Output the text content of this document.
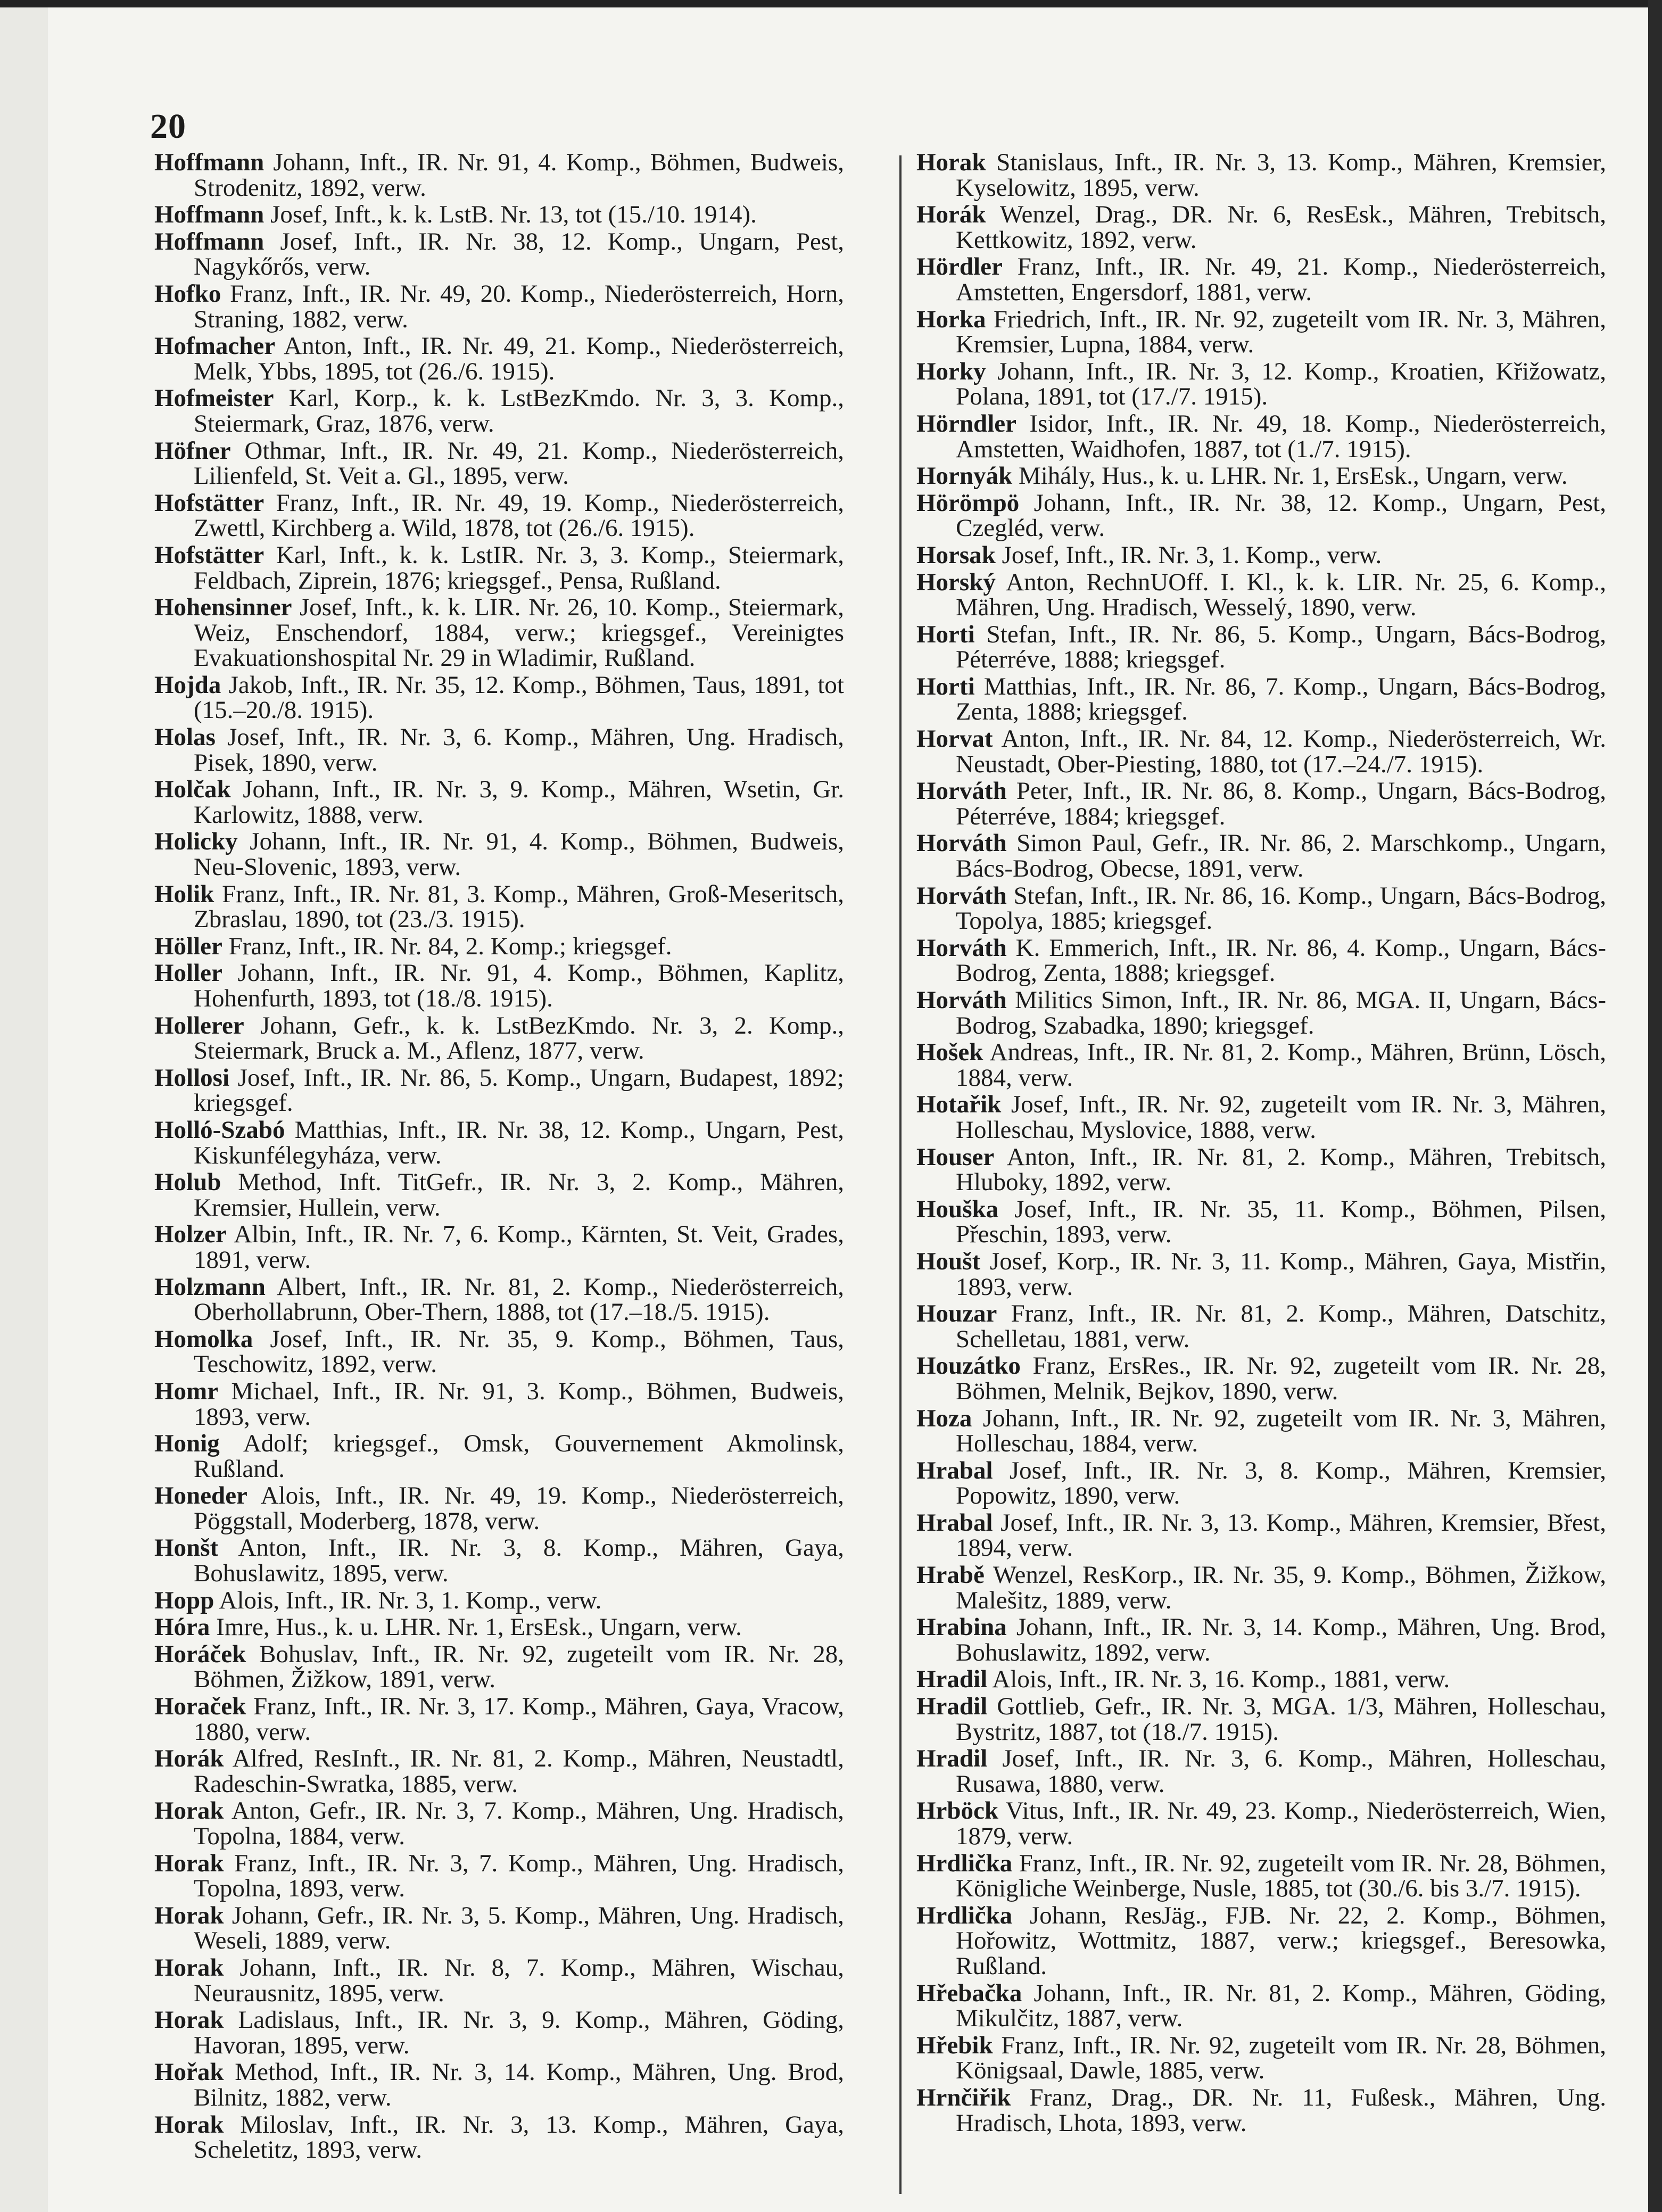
20

Hoffmann Johann, Inft., IR. Nr. 91, 4. Komp., Böhmen, Budweis, Strodenitz, 1892, verw.

Hoffmann Josef, Inft., k. k. LstB. Nr. 13, tot (15./10. 1914).

Hoffmann Josef, Inft., IR. Nr. 38, 12. Komp., Ungarn, Pest, Nagykőrős, verw.

Hofko Franz, Inft., IR. Nr. 49, 20. Komp., Niederösterreich, Horn, Straning, 1882, verw.

Hofmacher Anton, Inft., IR. Nr. 49, 21. Komp., Niederösterreich, Melk, Ybbs, 1895, tot (26./6. 1915).

Hofmeister Karl, Korp., k. k. LstBezKmdo. Nr. 3, 3. Komp., Steiermark, Graz, 1876, verw.

Höfner Othmar, Inft., IR. Nr. 49, 21. Komp., Niederösterreich, Lilienfeld, St. Veit a. Gl., 1895, verw.

Hofstätter Franz, Inft., IR. Nr. 49, 19. Komp., Niederösterreich, Zwettl, Kirchberg a. Wild, 1878, tot (26./6. 1915).

Hofstätter Karl, Inft., k. k. LstIR. Nr. 3, 3. Komp., Steiermark, Feldbach, Ziprein, 1876; kriegsgef., Pensa, Rußland.

Hohensinner Josef, Inft., k. k. LIR. Nr. 26, 10. Komp., Steiermark, Weiz, Enschendorf, 1884, verw.; kriegsgef., Vereinigtes Evakuationshospital Nr. 29 in Wladimir, Rußland.

Hojda Jakob, Inft., IR. Nr. 35, 12. Komp., Böhmen, Taus, 1891, tot (15.–20./8. 1915).

Holas Josef, Inft., IR. Nr. 3, 6. Komp., Mähren, Ung. Hradisch, Pisek, 1890, verw.

Holčak Johann, Inft., IR. Nr. 3, 9. Komp., Mähren, Wsetin, Gr. Karlowitz, 1888, verw.

Holicky Johann, Inft., IR. Nr. 91, 4. Komp., Böhmen, Budweis, Neu-Slovenic, 1893, verw.

Holik Franz, Inft., IR. Nr. 81, 3. Komp., Mähren, Groß-Meseritsch, Zbraslau, 1890, tot (23./3. 1915).

Höller Franz, Inft., IR. Nr. 84, 2. Komp.; kriegsgef.

Holler Johann, Inft., IR. Nr. 91, 4. Komp., Böhmen, Kaplitz, Hohenfurth, 1893, tot (18./8. 1915).

Hollerer Johann, Gefr., k. k. LstBezKmdo. Nr. 3, 2. Komp., Steiermark, Bruck a. M., Aflenz, 1877, verw.

Hollosi Josef, Inft., IR. Nr. 86, 5. Komp., Ungarn, Budapest, 1892; kriegsgef.

Holló-Szabó Matthias, Inft., IR. Nr. 38, 12. Komp., Ungarn, Pest, Kiskunfélegyháza, verw.

Holub Method, Inft. TitGefr., IR. Nr. 3, 2. Komp., Mähren, Kremsier, Hullein, verw.

Holzer Albin, Inft., IR. Nr. 7, 6. Komp., Kärnten, St. Veit, Grades, 1891, verw.

Holzmann Albert, Inft., IR. Nr. 81, 2. Komp., Niederösterreich, Oberhollabrunn, Ober-Thern, 1888, tot (17.–18./5. 1915).

Homolka Josef, Inft., IR. Nr. 35, 9. Komp., Böhmen, Taus, Teschowitz, 1892, verw.

Homr Michael, Inft., IR. Nr. 91, 3. Komp., Böhmen, Budweis, 1893, verw.

Honig Adolf; kriegsgef., Omsk, Gouvernement Akmolinsk, Rußland.

Honeder Alois, Inft., IR. Nr. 49, 19. Komp., Niederösterreich, Pöggstall, Moderberg, 1878, verw.

Honšt Anton, Inft., IR. Nr. 3, 8. Komp., Mähren, Gaya, Bohuslawitz, 1895, verw.

Hopp Alois, Inft., IR. Nr. 3, 1. Komp., verw.

Hóra Imre, Hus., k. u. LHR. Nr. 1, ErsEsk., Ungarn, verw.

Horáček Bohuslav, Inft., IR. Nr. 92, zugeteilt vom IR. Nr. 28, Böhmen, Žižkow, 1891, verw.

Horaček Franz, Inft., IR. Nr. 3, 17. Komp., Mähren, Gaya, Vracow, 1880, verw.

Horák Alfred, ResInft., IR. Nr. 81, 2. Komp., Mähren, Neustadtl, Radeschin-Swratka, 1885, verw.

Horak Anton, Gefr., IR. Nr. 3, 7. Komp., Mähren, Ung. Hradisch, Topolna, 1884, verw.

Horak Franz, Inft., IR. Nr. 3, 7. Komp., Mähren, Ung. Hradisch, Topolna, 1893, verw.

Horak Johann, Gefr., IR. Nr. 3, 5. Komp., Mähren, Ung. Hradisch, Weseli, 1889, verw.

Horak Johann, Inft., IR. Nr. 8, 7. Komp., Mähren, Wischau, Neurausnitz, 1895, verw.

Horak Ladislaus, Inft., IR. Nr. 3, 9. Komp., Mähren, Göding, Havoran, 1895, verw.

Hořak Method, Inft., IR. Nr. 3, 14. Komp., Mähren, Ung. Brod, Bilnitz, 1882, verw.

Horak Miloslav, Inft., IR. Nr. 3, 13. Komp., Mähren, Gaya, Scheletitz, 1893, verw.

Horak Stanislaus, Inft., IR. Nr. 3, 13. Komp., Mähren, Kremsier, Kyselowitz, 1895, verw.

Horák Wenzel, Drag., DR. Nr. 6, ResEsk., Mähren, Trebitsch, Kettkowitz, 1892, verw.

Hördler Franz, Inft., IR. Nr. 49, 21. Komp., Niederösterreich, Amstetten, Engersdorf, 1881, verw.

Horka Friedrich, Inft., IR. Nr. 92, zugeteilt vom IR. Nr. 3, Mähren, Kremsier, Lupna, 1884, verw.

Horky Johann, Inft., IR. Nr. 3, 12. Komp., Kroatien, Křižowatz, Polana, 1891, tot (17./7. 1915).

Hörndler Isidor, Inft., IR. Nr. 49, 18. Komp., Niederösterreich, Amstetten, Waidhofen, 1887, tot (1./7. 1915).

Hornyák Mihály, Hus., k. u. LHR. Nr. 1, ErsEsk., Ungarn, verw.

Hörömpö Johann, Inft., IR. Nr. 38, 12. Komp., Ungarn, Pest, Czegléd, verw.

Horsak Josef, Inft., IR. Nr. 3, 1. Komp., verw.

Horský Anton, RechnUOff. I. Kl., k. k. LIR. Nr. 25, 6. Komp., Mähren, Ung. Hradisch, Wesselý, 1890, verw.

Horti Stefan, Inft., IR. Nr. 86, 5. Komp., Ungarn, Bács-Bodrog, Péterréve, 1888; kriegsgef.

Horti Matthias, Inft., IR. Nr. 86, 7. Komp., Ungarn, Bács-Bodrog, Zenta, 1888; kriegsgef.

Horvat Anton, Inft., IR. Nr. 84, 12. Komp., Niederösterreich, Wr. Neustadt, Ober-Piesting, 1880, tot (17.–24./7. 1915).

Horváth Peter, Inft., IR. Nr. 86, 8. Komp., Ungarn, Bács-Bodrog, Péterréve, 1884; kriegsgef.

Horváth Simon Paul, Gefr., IR. Nr. 86, 2. Marschkomp., Ungarn, Bács-Bodrog, Obecse, 1891, verw.

Horváth Stefan, Inft., IR. Nr. 86, 16. Komp., Ungarn, Bács-Bodrog, Topolya, 1885; kriegsgef.

Horváth K. Emmerich, Inft., IR. Nr. 86, 4. Komp., Ungarn, Bács-Bodrog, Zenta, 1888; kriegsgef.

Horváth Militics Simon, Inft., IR. Nr. 86, MGA. II, Ungarn, Bács-Bodrog, Szabadka, 1890; kriegsgef.

Hošek Andreas, Inft., IR. Nr. 81, 2. Komp., Mähren, Brünn, Lösch, 1884, verw.

Hotařik Josef, Inft., IR. Nr. 92, zugeteilt vom IR. Nr. 3, Mähren, Holleschau, Myslovice, 1888, verw.

Houser Anton, Inft., IR. Nr. 81, 2. Komp., Mähren, Trebitsch, Hluboky, 1892, verw.

Houška Josef, Inft., IR. Nr. 35, 11. Komp., Böhmen, Pilsen, Přeschin, 1893, verw.

Houšt Josef, Korp., IR. Nr. 3, 11. Komp., Mähren, Gaya, Mistřin, 1893, verw.

Houzar Franz, Inft., IR. Nr. 81, 2. Komp., Mähren, Datschitz, Schelletau, 1881, verw.

Houzátko Franz, ErsRes., IR. Nr. 92, zugeteilt vom IR. Nr. 28, Böhmen, Melnik, Bejkov, 1890, verw.

Hoza Johann, Inft., IR. Nr. 92, zugeteilt vom IR. Nr. 3, Mähren, Holleschau, 1884, verw.

Hrabal Josef, Inft., IR. Nr. 3, 8. Komp., Mähren, Kremsier, Popowitz, 1890, verw.

Hrabal Josef, Inft., IR. Nr. 3, 13. Komp., Mähren, Kremsier, Břest, 1894, verw.

Hrabě Wenzel, ResKorp., IR. Nr. 35, 9. Komp., Böhmen, Žižkow, Malešitz, 1889, verw.

Hrabina Johann, Inft., IR. Nr. 3, 14. Komp., Mähren, Ung. Brod, Bohuslawitz, 1892, verw.

Hradil Alois, Inft., IR. Nr. 3, 16. Komp., 1881, verw.

Hradil Gottlieb, Gefr., IR. Nr. 3, MGA. 1/3, Mähren, Holleschau, Bystritz, 1887, tot (18./7. 1915).

Hradil Josef, Inft., IR. Nr. 3, 6. Komp., Mähren, Holleschau, Rusawa, 1880, verw.

Hrböck Vitus, Inft., IR. Nr. 49, 23. Komp., Niederösterreich, Wien, 1879, verw.

Hrdlička Franz, Inft., IR. Nr. 92, zugeteilt vom IR. Nr. 28, Böhmen, Königliche Weinberge, Nusle, 1885, tot (30./6. bis 3./7. 1915).

Hrdlička Johann, ResJäg., FJB. Nr. 22, 2. Komp., Böhmen, Hořowitz, Wottmitz, 1887, verw.; kriegsgef., Beresowka, Rußland.

Hřebačka Johann, Inft., IR. Nr. 81, 2. Komp., Mähren, Göding, Mikulčitz, 1887, verw.

Hřebik Franz, Inft., IR. Nr. 92, zugeteilt vom IR. Nr. 28, Böhmen, Königsaal, Dawle, 1885, verw.

Hrnčiřik Franz, Drag., DR. Nr. 11, Fußesk., Mähren, Ung. Hradisch, Lhota, 1893, verw.
